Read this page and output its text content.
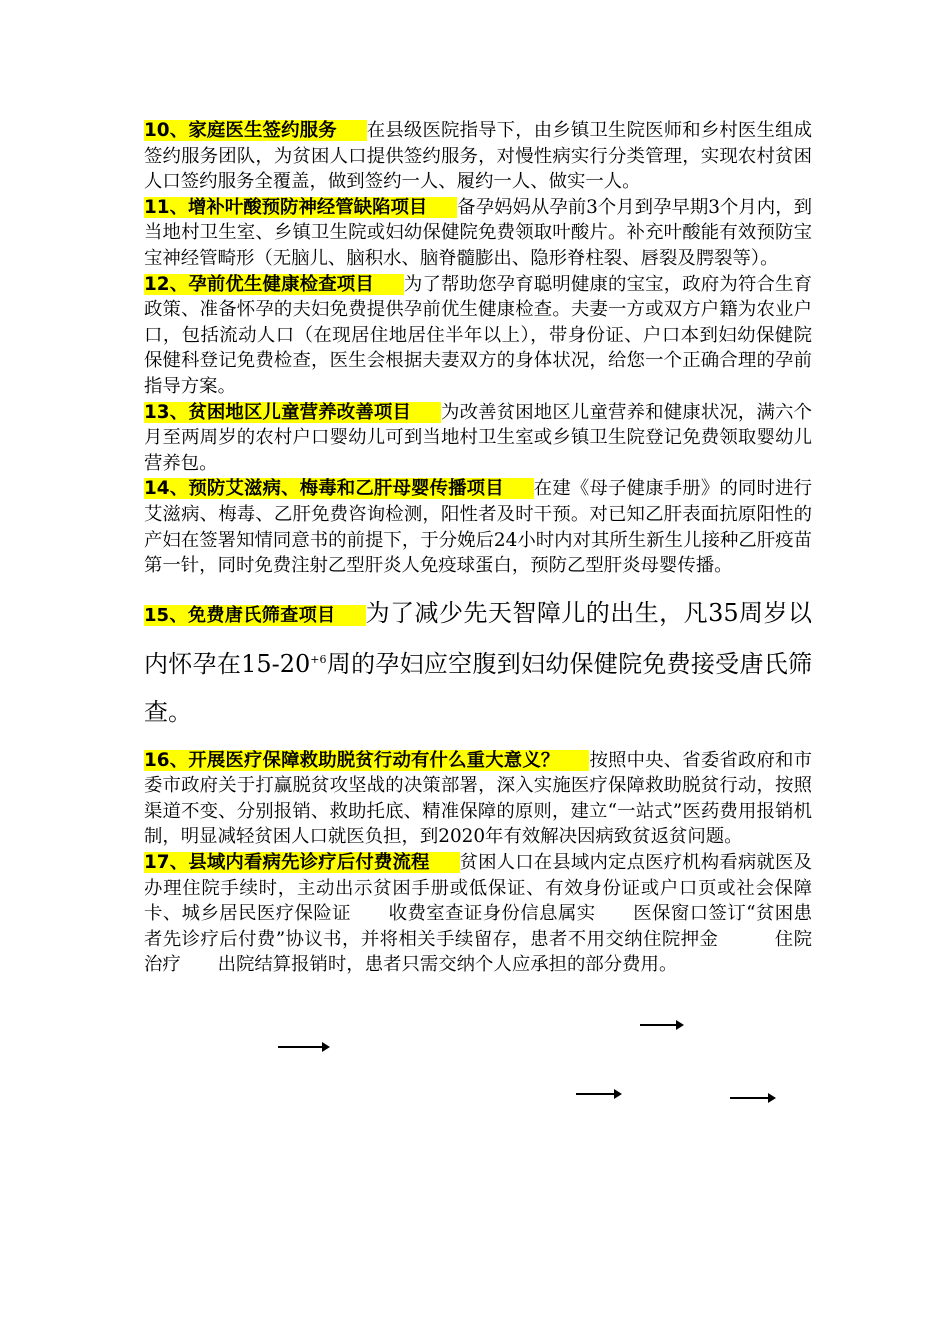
10、家庭医生签约服务 在县级医院指导下，由乡镇卫生院医师和乡村医生组成签约服务团队，为贫困人口提供签约服务，对慢性病实行分类管理，实现农村贫困人口签约服务全覆盖，做到签约一人、履约一人、做实一人。

11、增补叶酸预防神经管缺陷项目 备孕妈妈从孕前3个月到孕早期3个月内，到当地村卫生室、乡镇卫生院或妇幼保健院免费领取叶酸片。补充叶酸能有效预防宝宝神经管畸形（无脑儿、脑积水、脑脊髓膨出、隐形脊柱裂、唇裂及腭裂等）。

12、孕前优生健康检查项目 为了帮助您孕育聪明健康的宝宝，政府为符合生育政策、准备怀孕的夫妇免费提供孕前优生健康检查。夫妻一方或双方户籍为农业户口，包括流动人口（在现居住地居住半年以上），带身份证、户口本到妇幼保健院保健科登记免费检查，医生会根据夫妻双方的身体状况，给您一个正确合理的孕前指导方案。

13、贫困地区儿童营养改善项目 为改善贫困地区儿童营养和健康状况，满六个月至两周岁的农村户口婴幼儿可到当地村卫生室或乡镇卫生院登记免费领取婴幼儿营养包。

14、预防艾滋病、梅毒和乙肝母婴传播项目 在建《母子健康手册》的同时进行艾滋病、梅毒、乙肝免费咨询检测，阳性者及时干预。对已知乙肝表面抗原阳性的产妇在签署知情同意书的前提下，于分娩后24小时内对其所生新生儿接种乙肝疫苗第一针，同时免费注射乙型肝炎人免疫球蛋白，预防乙型肝炎母婴传播。

15、免费唐氏筛查项目 为了减少先天智障儿的出生，凡35周岁以内怀孕在$15-20^{+6}$周的孕妇应空腹到妇幼保健院免费接受唐氏筛查。

16、开展医疗保障救助脱贫行动有什么重大意义？ 按照中央、省委省政府和市委市政府关于打赢脱贫攻坚战的决策部署，深入实施医疗保障救助脱贫行动，按照渠道不变、分别报销、救助托底、精准保障的原则，建立“一站式”医药费用报销机制，明显减轻贫困人口就医负担，到2020年有效解决因病致贫返贫问题。

17、县域内看病先诊疗后付费流程 贫困人口在县域内定点医疗机构看病就医及办理住院手续时，主动出示贫困手册或低保证、有效身份证或户口页或社会保障卡、城乡居民医疗保险证　　收费室查证身份信息属实　　医保窗口签订“贫困患者先诊疗后付费”协议书，并将相关手续留存，患者不用交纳住院押金　　　住院治疗　　出院结算报销时，患者只需交纳个人应承担的部分费用。
